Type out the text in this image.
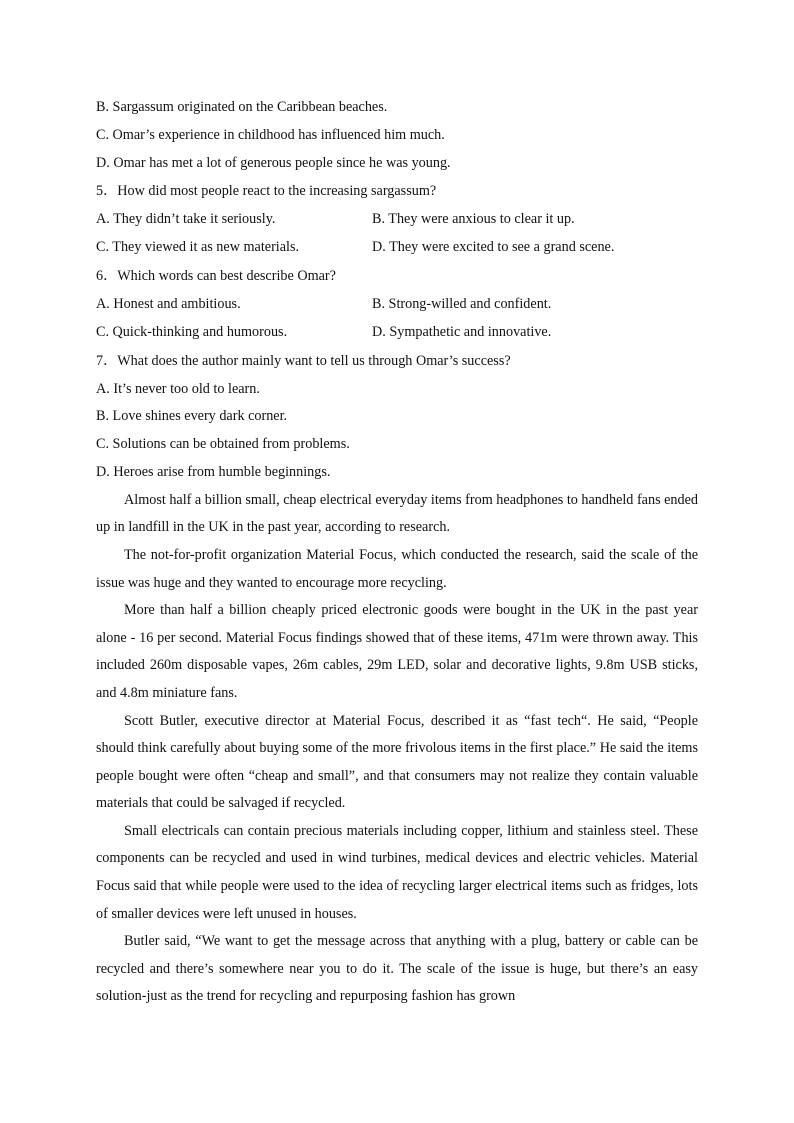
B. Sargassum originated on the Caribbean beaches.
C. Omar’s experience in childhood has influenced him much.
D. Omar has met a lot of generous people since he was young.
5．How did most people react to the increasing sargassum?
A. They didn’t take it seriously.	B. They were anxious to clear it up.
C. They viewed it as new materials.	D. They were excited to see a grand scene.
6．Which words can best describe Omar?
A. Honest and ambitious.	B. Strong-willed and confident.
C. Quick-thinking and humorous.	D. Sympathetic and innovative.
7．What does the author mainly want to tell us through Omar’s success?
A. It’s never too old to learn.
B. Love shines every dark corner.
C. Solutions can be obtained from problems.
D. Heroes arise from humble beginnings.

Almost half a billion small, cheap electrical everyday items from headphones to handheld fans ended up in landfill in the UK in the past year, according to research.

The not-for-profit organization Material Focus, which conducted the research, said the scale of the issue was huge and they wanted to encourage more recycling.

More than half a billion cheaply priced electronic goods were bought in the UK in the past year alone - 16 per second. Material Focus findings showed that of these items, 471m were thrown away. This included 260m disposable vapes, 26m cables, 29m LED, solar and decorative lights, 9.8m USB sticks, and 4.8m miniature fans.

Scott Butler, executive director at Material Focus, described it as “fast tech“. He said, “People should think carefully about buying some of the more frivolous items in the first place.” He said the items people bought were often “cheap and small”, and that consumers may not realize they contain valuable materials that could be salvaged if recycled.

Small electricals can contain precious materials including copper, lithium and stainless steel. These components can be recycled and used in wind turbines, medical devices and electric vehicles. Material Focus said that while people were used to the idea of recycling larger electrical items such as fridges, lots of smaller devices were left unused in houses.

Butler said, “We want to get the message across that anything with a plug, battery or cable can be recycled and there’s somewhere near you to do it. The scale of the issue is huge, but there’s an easy solution-just as the trend for recycling and repurposing fashion has grown
